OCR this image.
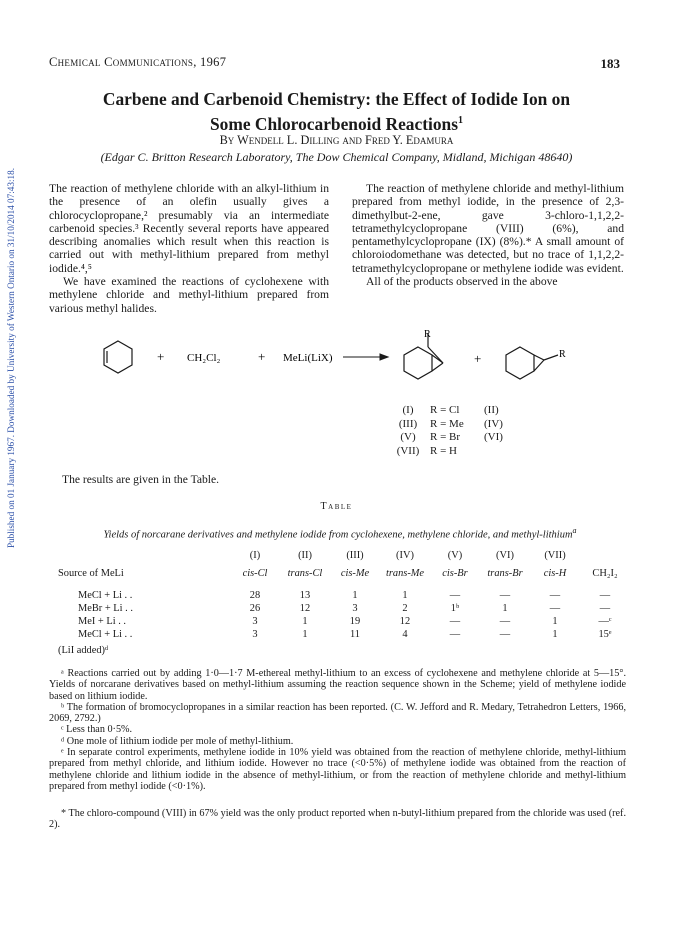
Chemical Communications, 1967	183
Published on 01 January 1967. Downloaded by University of Western Ontario on 31/10/2014 07:43:18.
Carbene and Carbenoid Chemistry: the Effect of Iodide Ion on
Some Chlorocarbenoid Reactions$^1$
By Wendell L. Dilling and Fred Y. Edamura
(Edgar C. Britton Research Laboratory, The Dow Chemical Company, Midland, Michigan 48640)

The reaction of methylene chloride with an alkyl-lithium in the presence of an olefin usually gives a chlorocyclopropane,² presumably via an intermediate carbenoid species.³ Recently several reports have appeared describing anomalies which result when this reaction is carried out with methyl-lithium prepared from methyl iodide.⁴,⁵

We have examined the reactions of cyclohexene with methylene chloride and methyl-lithium prepared from various methyl halides.

The reaction of methylene chloride and methyl-lithium prepared from methyl iodide, in the presence of 2,3-dimethylbut-2-ene, gave 3-chloro-1,1,2,2-tetramethylcyclopropane (VIII) (6%), and pentamethylcyclopropane (IX) (8%).* A small amount of chloroiodomethane was detected, but no trace of 1,1,2,2-tetramethylcyclopropane or methylene iodide was evident.

All of the products observed in the above

+ CH₂Cl₂	+ MeLi(LiX)
R
+	R
(I)	R = Cl	(II)
(III)	R = Me	(IV)
(V)	R = Br	(VI)
(VII)	R = H	
The results are given in the Table.
Table
Yields of norcarane derivatives and methylene iodide from cyclohexene, methylene chloride, and methyl-lithium$^a$
	(I)	(II)	(III)	(IV)	(V)	(VI)	(VII)	
Source of MeLi	cis-Cl	trans-Cl	cis-Me	trans-Me	cis-Br	trans-Br	cis-H	CH₂I₂

MeCl + Li . .	28	13	1	1	—	—	—	—
MeBr + Li . .	26	12	3	2	1ᵇ	1	—	—
MeI + Li . .	3	1	19	12	—	—	1	—ᶜ
MeCl + Li . .	3	1	11	4	—	—	1	15ᵉ
(LiI added)ᵈ								

ᵃ Reactions carried out by adding 1·0—1·7 M-ethereal methyl-lithium to an excess of cyclohexene and methylene chloride at 5—15°. Yields of norcarane derivatives based on methyl-lithium assuming the reaction sequence shown in the Scheme; yield of methylene iodide based on lithium iodide.

ᵇ The formation of bromocyclopropanes in a similar reaction has been reported. (C. W. Jefford and R. Medary, Tetrahedron Letters, 1966, 2069, 2792.)

ᶜ Less than 0·5%.

ᵈ One mole of lithium iodide per mole of methyl-lithium.

ᵉ In separate control experiments, methylene iodide in 10% yield was obtained from the reaction of methylene chloride, methyl-lithium prepared from methyl chloride, and lithium iodide. However no trace (<0·5%) of methylene iodide was obtained from the reaction of methylene chloride and lithium iodide in the absence of methyl-lithium, or from the reaction of methylene chloride and methyl-lithium prepared from methyl iodide (<0·1%).

* The chloro-compound (VIII) in 67% yield was the only product reported when n-butyl-lithium prepared from the chloride was used (ref. 2).
